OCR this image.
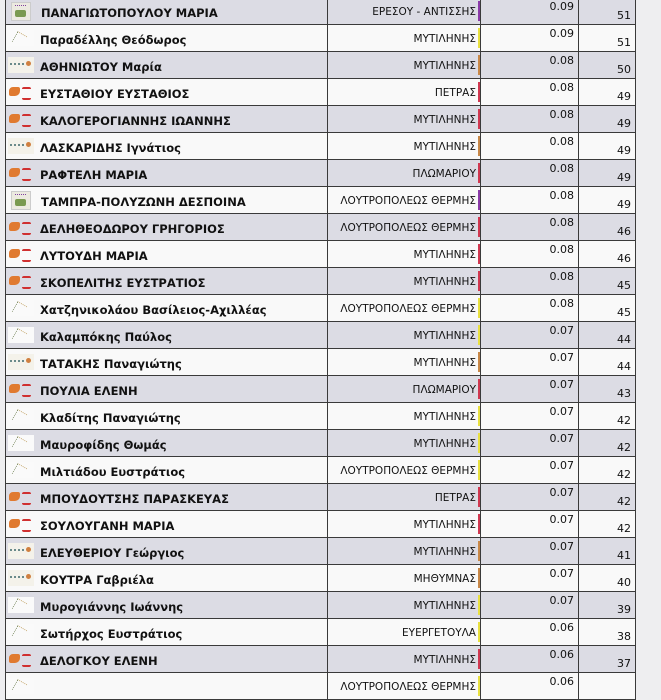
ΠΑΝΑΓΙΩΤΟΠΟΥΛΟΥ ΜΑΡΙΑ	ΕΡΕΣΟΥ - ΑΝΤΙΣΣΗΣ	0.09	51

Παραδέλλης Θεόδωρος	ΜΥΤΙΛΗΝΗΣ	0.09	51

ΑΘΗΝΙΩΤΟΥ Μαρία	ΜΥΤΙΛΗΝΗΣ	0.08	50

ΕΥΣΤΑΘΙΟΥ ΕΥΣΤΑΘΙΟΣ	ΠΕΤΡΑΣ	0.08	49

ΚΑΛΟΓΕΡΟΓΙΑΝΝΗΣ ΙΩΑΝΝΗΣ	ΜΥΤΙΛΗΝΗΣ	0.08	49

ΛΑΣΚΑΡΙΔΗΣ Ιγνάτιος	ΜΥΤΙΛΗΝΗΣ	0.08	49

ΡΑΦΤΕΛΗ ΜΑΡΙΑ	ΠΛΩΜΑΡΙΟΥ	0.08	49

ΤΑΜΠΡΑ-ΠΟΛΥΖΩΝΗ ΔΕΣΠΟΙΝΑ	ΛΟΥΤΡΟΠΟΛΕΩΣ ΘΕΡΜΗΣ	0.08	49

ΔΕΛΗΘΕΟΔΩΡΟΥ ΓΡΗΓΟΡΙΟΣ	ΛΟΥΤΡΟΠΟΛΕΩΣ ΘΕΡΜΗΣ	0.08	46

ΛΥΤΟΥΔΗ ΜΑΡΙΑ	ΜΥΤΙΛΗΝΗΣ	0.08	46

ΣΚΟΠΕΛΙΤΗΣ ΕΥΣΤΡΑΤΙΟΣ	ΜΥΤΙΛΗΝΗΣ	0.08	45

Χατζηνικολάου Βασίλειος-Αχιλλέας	ΛΟΥΤΡΟΠΟΛΕΩΣ ΘΕΡΜΗΣ	0.08	45

Καλαμπόκης Παύλος	ΜΥΤΙΛΗΝΗΣ	0.07	44

ΤΑΤΑΚΗΣ Παναγιώτης	ΜΥΤΙΛΗΝΗΣ	0.07	44

ΠΟΥΛΙΑ ΕΛΕΝΗ	ΠΛΩΜΑΡΙΟΥ	0.07	43

Κλαδίτης Παναγιώτης	ΜΥΤΙΛΗΝΗΣ	0.07	42

Μαυροφίδης Θωμάς	ΜΥΤΙΛΗΝΗΣ	0.07	42

Μιλτιάδου Ευστράτιος	ΛΟΥΤΡΟΠΟΛΕΩΣ ΘΕΡΜΗΣ	0.07	42

ΜΠΟΥΔΟΥΤΣΗΣ ΠΑΡΑΣΚΕΥΑΣ	ΠΕΤΡΑΣ	0.07	42

ΣΟΥΛΟΥΓΑΝΗ ΜΑΡΙΑ	ΜΥΤΙΛΗΝΗΣ	0.07	42

ΕΛΕΥΘΕΡΙΟΥ Γεώργιος	ΜΥΤΙΛΗΝΗΣ	0.07	41

ΚΟΥΤΡΑ Γαβριέλα	ΜΗΘΥΜΝΑΣ	0.07	40

Μυρογιάννης Ιωάννης	ΜΥΤΙΛΗΝΗΣ	0.07	39

Σωτήρχος Ευστράτιος	ΕΥΕΡΓΕΤΟΥΛΑ	0.06	38

ΔΕΛΟΓΚΟΥ ΕΛΕΝΗ	ΜΥΤΙΛΗΝΗΣ	0.06	37

	ΛΟΥΤΡΟΠΟΛΕΩΣ ΘΕΡΜΗΣ	0.06	
